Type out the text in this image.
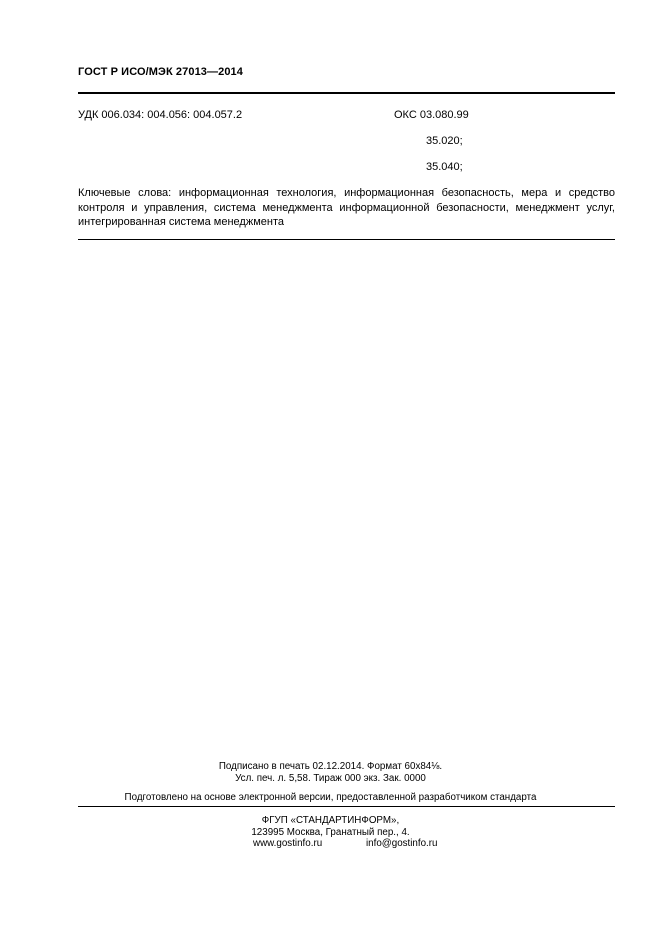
ГОСТ Р ИСО/МЭК 27013—2014
УДК 006.034: 004.056: 004.057.2	ОКС 03.080.99
35.020;
35.040;
Ключевые слова: информационная технология, информационная безопасность, мера и средство контроля и управления, система менеджмента информационной безопасности, менеджмент услуг, интегрированная система менеджмента
Подписано в печать 02.12.2014. Формат 60x84⅛.
Усл. печ. л. 5,58. Тираж 000 экз. Зак. 0000
Подготовлено на основе электронной версии, предоставленной разработчиком стандарта
ФГУП «СТАНДАРТИНФОРМ»,
123995 Москва, Гранатный пер., 4.
www.gostinfo.ru	info@gostinfo.ru
